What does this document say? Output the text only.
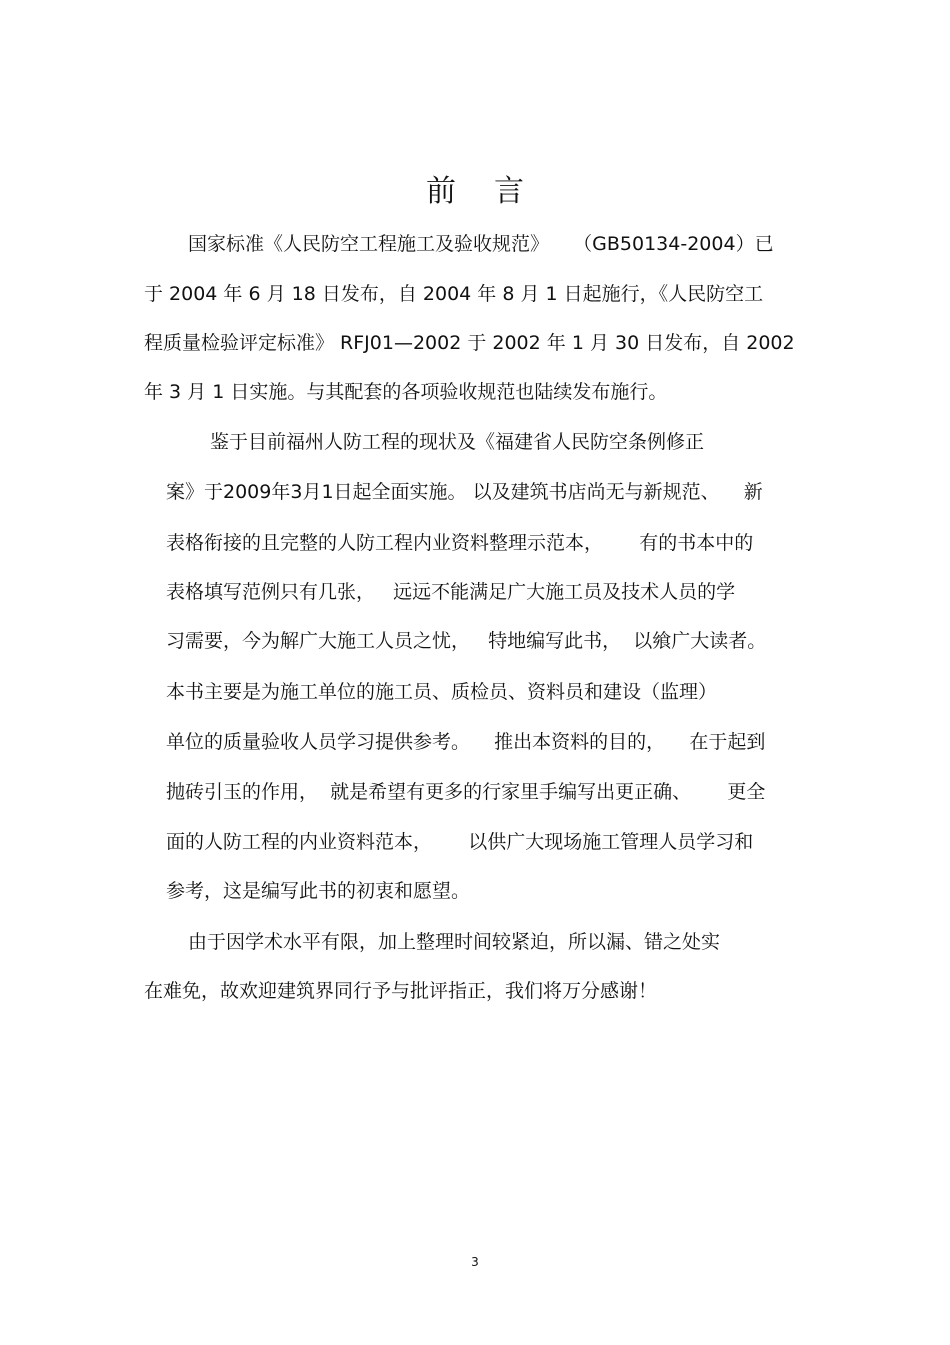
前言
国家标准《人民防空工程施工及验收规范》    （GB50134-2004）已
于 2004 年 6 月 18 日发布，自 2004 年 8 月 1 日起施行，《人民防空工
程质量检验评定标准》 RFJ01—2002 于 2002 年 1 月 30 日发布，自 2002
年 3 月 1 日实施。与其配套的各项验收规范也陆续发布施行。
鉴于目前福州人防工程的现状及《福建省人民防空条例修正
案》于2009年3月1日起全面实施。 以及建筑书店尚无与新规范、    新
表格衔接的且完整的人防工程内业资料整理示范本，      有的书本中的
表格填写范例只有几张，   远远不能满足广大施工员及技术人员的学
习需要，今为解广大施工人员之忧，   特地编写此书，  以飨广大读者。
本书主要是为施工单位的施工员、质检员、资料员和建设（监理）
单位的质量验收人员学习提供参考。    推出本资料的目的，    在于起到
抛砖引玉的作用，  就是希望有更多的行家里手编写出更正确、      更全
面的人防工程的内业资料范本，      以供广大现场施工管理人员学习和
参考，这是编写此书的初衷和愿望。
由于因学术水平有限，加上整理时间较紧迫，所以漏、错之处实
在难免，故欢迎建筑界同行予与批评指正，我们将万分感谢！
3
